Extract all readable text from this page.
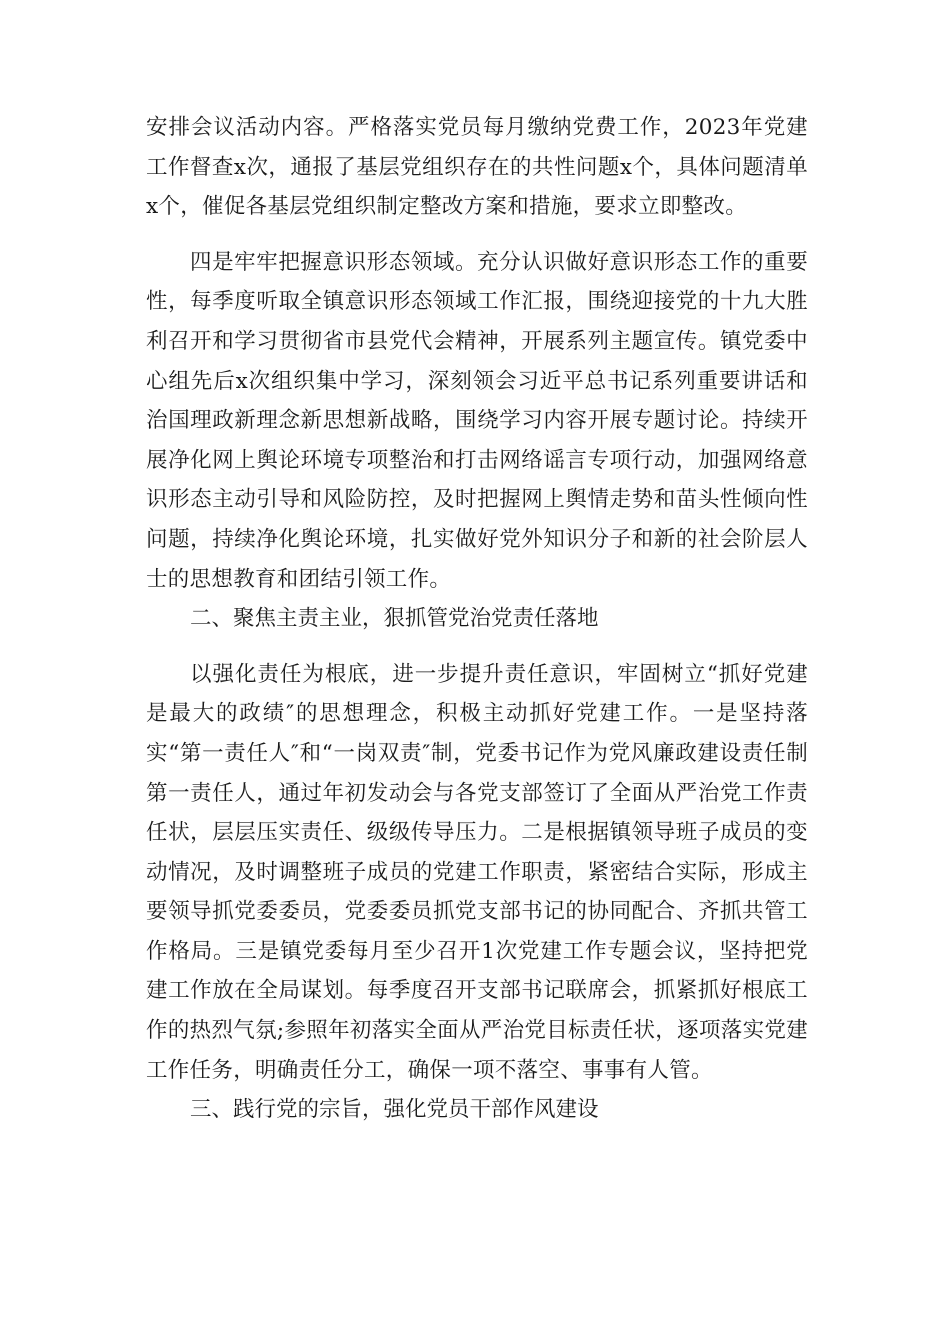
安排会议活动内容。严格落实党员每月缴纳党费工作，2023年党建工作督查x次，通报了基层党组织存在的共性问题x个，具体问题清单x个，催促各基层党组织制定整改方案和措施，要求立即整改。

四是牢牢把握意识形态领域。充分认识做好意识形态工作的重要性，每季度听取全镇意识形态领域工作汇报，围绕迎接党的十九大胜利召开和学习贯彻省市县党代会精神，开展系列主题宣传。镇党委中心组先后x次组织集中学习，深刻领会习近平总书记系列重要讲话和治国理政新理念新思想新战略，围绕学习内容开展专题讨论。持续开展净化网上舆论环境专项整治和打击网络谣言专项行动，加强网络意识形态主动引导和风险防控，及时把握网上舆情走势和苗头性倾向性问题，持续净化舆论环境，扎实做好党外知识分子和新的社会阶层人士的思想教育和团结引领工作。

二、聚焦主责主业，狠抓管党治党责任落地

以强化责任为根底，进一步提升责任意识，牢固树立“抓好党建是最大的政绩″的思想理念，积极主动抓好党建工作。一是坚持落实“第一责任人″和“一岗双责″制，党委书记作为党风廉政建设责任制第一责任人，通过年初发动会与各党支部签订了全面从严治党工作责任状，层层压实责任、级级传导压力。二是根据镇领导班子成员的变动情况，及时调整班子成员的党建工作职责，紧密结合实际，形成主要领导抓党委委员，党委委员抓党支部书记的协同配合、齐抓共管工作格局。三是镇党委每月至少召开1次党建工作专题会议，坚持把党建工作放在全局谋划。每季度召开支部书记联席会，抓紧抓好根底工作的热烈气氛;参照年初落实全面从严治党目标责任状，逐项落实党建工作任务，明确责任分工，确保一项不落空、事事有人管。

三、践行党的宗旨，强化党员干部作风建设
